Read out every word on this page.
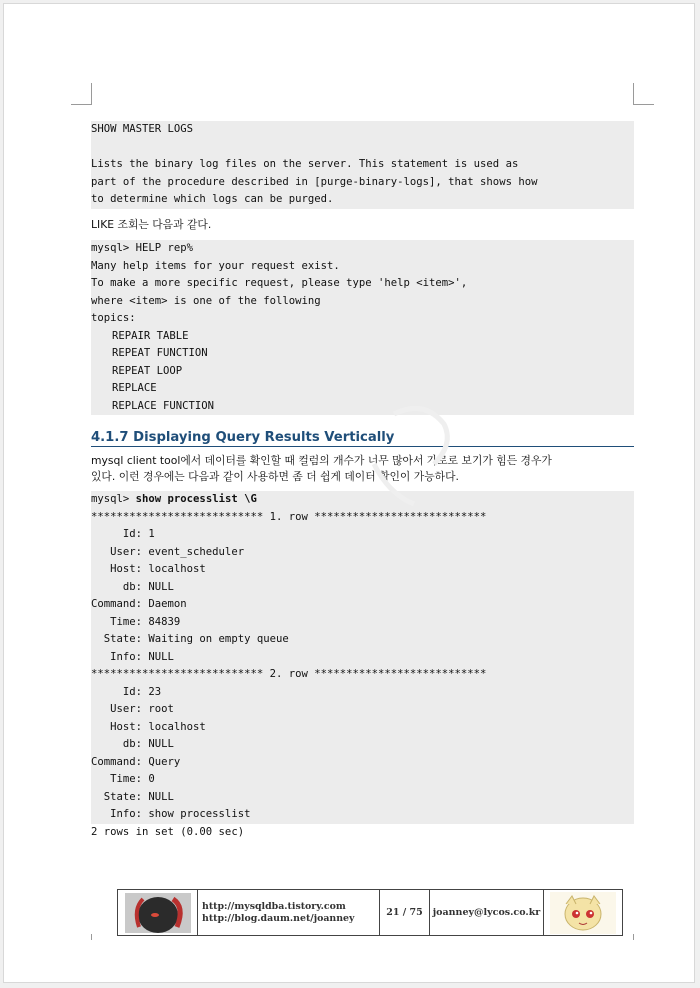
SHOW MASTER LOGS
Lists the binary log files on the server. This statement is used as
part of the procedure described in [purge-binary-logs], that shows how
to determine which logs can be purged.
LIKE 조회는 다음과 같다.
mysql> HELP rep%
Many help items for your request exist.
To make a more specific request, please type 'help <item>',
where <item> is one of the following
topics:
REPAIR TABLE
REPEAT FUNCTION
REPEAT LOOP
REPLACE
REPLACE FUNCTION
4.1.7 Displaying Query Results Vertically
mysql client tool에서 데이터를 확인할 때 컬럼의 개수가 너무 많아서 가로로 보기가 힘든 경우가
있다. 이런 경우에는 다음과 같이 사용하면 좀 더 쉽게 데이터 확인이 가능하다.
mysql> show processlist \G
*************************** 1. row ***************************
Id: 1
User: event_scheduler
Host: localhost
db: NULL
Command: Daemon
Time: 84839
State: Waiting on empty queue
Info: NULL
*************************** 2. row ***************************
Id: 23
User: root
Host: localhost
db: NULL
Command: Query
Time: 0
State: NULL
Info: show processlist
2 rows in set (0.00 sec)
http://mysqldba.tistory.com
http://blog.daum.net/joanney	21 / 75	joanney@lycos.co.kr
